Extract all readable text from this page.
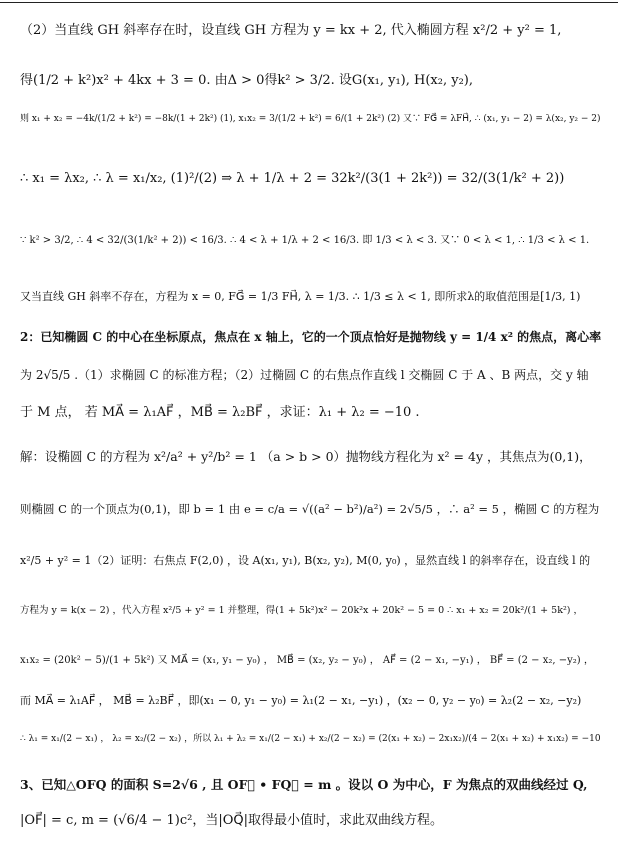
（2）当直线 GH 斜率存在时，设直线 GH 方程为 y = kx + 2, 代入椭圆方程 x²/2 + y² = 1,
得(1/2 + k²)x² + 4kx + 3 = 0. 由Δ > 0得k² > 3/2. 设G(x₁, y₁), H(x₂, y₂),
则 x₁ + x₂ = −4k/(1/2 + k²) = −8k/(1 + 2k²) (1), x₁x₂ = 3/(1/2 + k²) = 6/(1 + 2k²) (2) 又∵ FG⃗ = λFH⃗, ∴ (x₁, y₁ − 2) = λ(x₂, y₂ − 2)
∴ x₁ = λx₂, ∴ λ = x₁/x₂, (1)²/(2) ⇒ λ + 1/λ + 2 = 32k²/(3(1 + 2k²)) = 32/(3(1/k² + 2))
∵ k² > 3/2, ∴ 4 < 32/(3(1/k² + 2)) < 16/3. ∴ 4 < λ + 1/λ + 2 < 16/3. 即 1/3 < λ < 3. 又∵ 0 < λ < 1, ∴ 1/3 < λ < 1.
又当直线 GH 斜率不存在，方程为 x = 0, FG⃗ = 1/3 FH⃗, λ = 1/3. ∴ 1/3 ≤ λ < 1, 即所求λ的取值范围是[1/3, 1)
2：已知椭圆 C 的中心在坐标原点，焦点在 x 轴上，它的一个顶点恰好是抛物线 y = 1/4 x² 的焦点，离心率
为 2√5/5 .（1）求椭圆 C 的标准方程；（2）过椭圆 C 的右焦点作直线 l 交椭圆 C 于 A 、B 两点，交 y 轴
于 M 点， 若 MA⃗ = λ₁AF⃗ ，MB⃗ = λ₂BF⃗ ，求证：λ₁ + λ₂ = −10 .
解：设椭圆 C 的方程为 x²/a² + y²/b² = 1 （a > b > 0）抛物线方程化为 x² = 4y ，其焦点为(0,1)，
则椭圆 C 的一个顶点为(0,1)，即 b = 1 由 e = c/a = √((a² − b²)/a²) = 2√5/5 ，∴ a² = 5 ，椭圆 C 的方程为
x²/5 + y² = 1（2）证明：右焦点 F(2,0) ，设 A(x₁, y₁), B(x₂, y₂), M(0, y₀) ，显然直线 l 的斜率存在，设直线 l 的
方程为 y = k(x − 2) ，代入方程 x²/5 + y² = 1 并整理，得(1 + 5k²)x² − 20k²x + 20k² − 5 = 0 ∴ x₁ + x₂ = 20k²/(1 + 5k²) ，
x₁x₂ = (20k² − 5)/(1 + 5k²) 又 MA⃗ = (x₁, y₁ − y₀) ， MB⃗ = (x₂, y₂ − y₀) ， AF⃗ = (2 − x₁, −y₁) ， BF⃗ = (2 − x₂, −y₂) ，
而 MA⃗ = λ₁AF⃗ ， MB⃗ = λ₂BF⃗ ，即(x₁ − 0, y₁ − y₀) = λ₁(2 − x₁, −y₁) ，(x₂ − 0, y₂ − y₀) = λ₂(2 − x₂, −y₂)
∴ λ₁ = x₁/(2 − x₁) ， λ₂ = x₂/(2 − x₂) ，所以 λ₁ + λ₂ = x₁/(2 − x₁) + x₂/(2 − x₂) = (2(x₁ + x₂) − 2x₁x₂)/(4 − 2(x₁ + x₂) + x₁x₂) = −10
3、已知△OFQ 的面积 S=2√6 , 且 OF⃗ • FQ⃗ = m 。设以 O 为中心，F 为焦点的双曲线经过 Q,
|OF⃗| = c, m = (√6/4 − 1)c²，当|OQ⃗|取得最小值时，求此双曲线方程。
